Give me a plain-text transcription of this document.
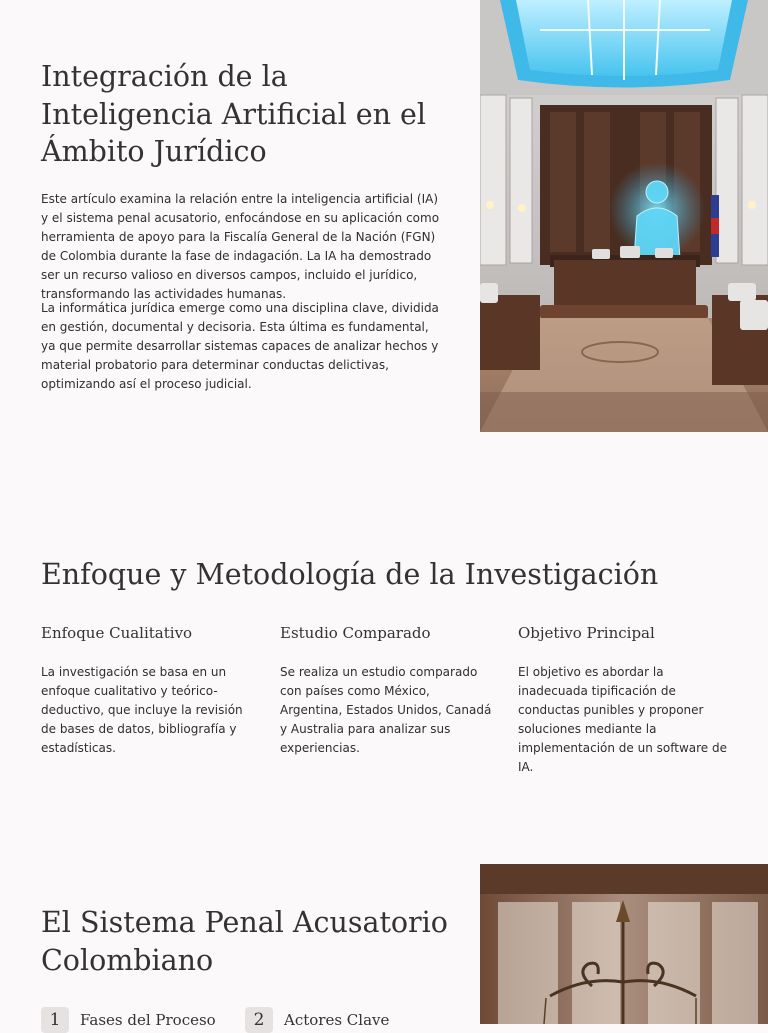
Integración de la Inteligencia Artificial en el Ámbito Jurídico

Este artículo examina la relación entre la inteligencia artificial (IA) y el sistema penal acusatorio, enfocándose en su aplicación como herramienta de apoyo para la Fiscalía General de la Nación (FGN) de Colombia durante la fase de indagación. La IA ha demostrado ser un recurso valioso en diversos campos, incluido el jurídico, transformando las actividades humanas.

La informática jurídica emerge como una disciplina clave, dividida en gestión, documental y decisoria. Esta última es fundamental, ya que permite desarrollar sistemas capaces de analizar hechos y material probatorio para determinar conductas delictivas, optimizando así el proceso judicial.

Enfoque y Metodología de la Investigación
Enfoque Cualitativo

La investigación se basa en un enfoque cualitativo y teórico-deductivo, que incluye la revisión de bases de datos, bibliografía y estadísticas.

Estudio Comparado

Se realiza un estudio comparado con países como México, Argentina, Estados Unidos, Canadá y Australia para analizar sus experiencias.

Objetivo Principal

El objetivo es abordar la inadecuada tipificación de conductas punibles y proponer soluciones mediante la implementación de un software de IA.

El Sistema Penal Acusatorio Colombiano
1	Fases del Proceso	2	Actores Clave
